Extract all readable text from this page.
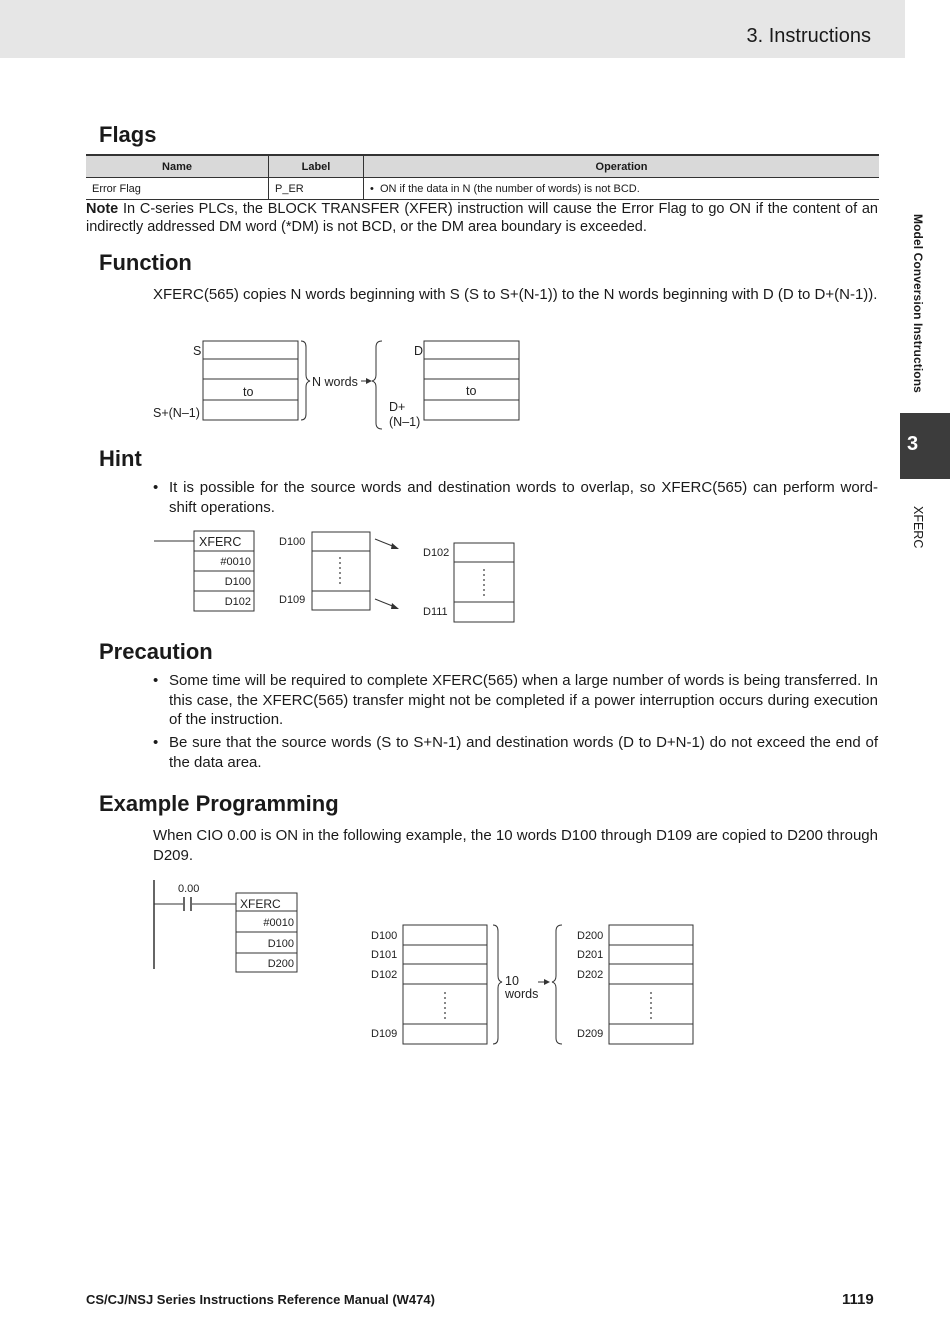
3. Instructions
Model Conversion Instructions
3
XFERC
Flags
Name	Label	Operation
Error Flag	P_ER	• ON if the data in N (the number of words) is not BCD.
Note In C-series PLCs, the BLOCK TRANSFER (XFER) instruction will cause the Error Flag to go ON if the content of an indirectly addressed DM word (*DM) is not BCD, or the DM area boundary is exceeded.
Function
XFERC(565) copies N words beginning with S (S to S+(N-1)) to the N words beginning with D (D to D+(N-1)).
S
S+(N–1)
to
N words
D
D+
(N–1)
to
Hint
• It is possible for the source words and destination words to overlap, so XFERC(565) can perform word-shift operations.
XFERC
#0010
D100
D102
D100
D109
D102
D111
Precaution
• Some time will be required to complete XFERC(565) when a large number of words is being transferred. In this case, the XFERC(565) transfer might not be completed if a power interruption occurs during execution of the instruction.
• Be sure that the source words (S to S+N-1) and destination words (D to D+N-1) do not exceed the end of the data area.
Example Programming
When CIO 0.00 is ON in the following example, the 10 words D100 through D109 are copied to D200 through D209.
0.00
XFERC
#0010
D100
D200
D100
D101
D102
D109
10
words
D200
D201
D202
D209
CS/CJ/NSJ Series Instructions Reference Manual (W474)	1119
